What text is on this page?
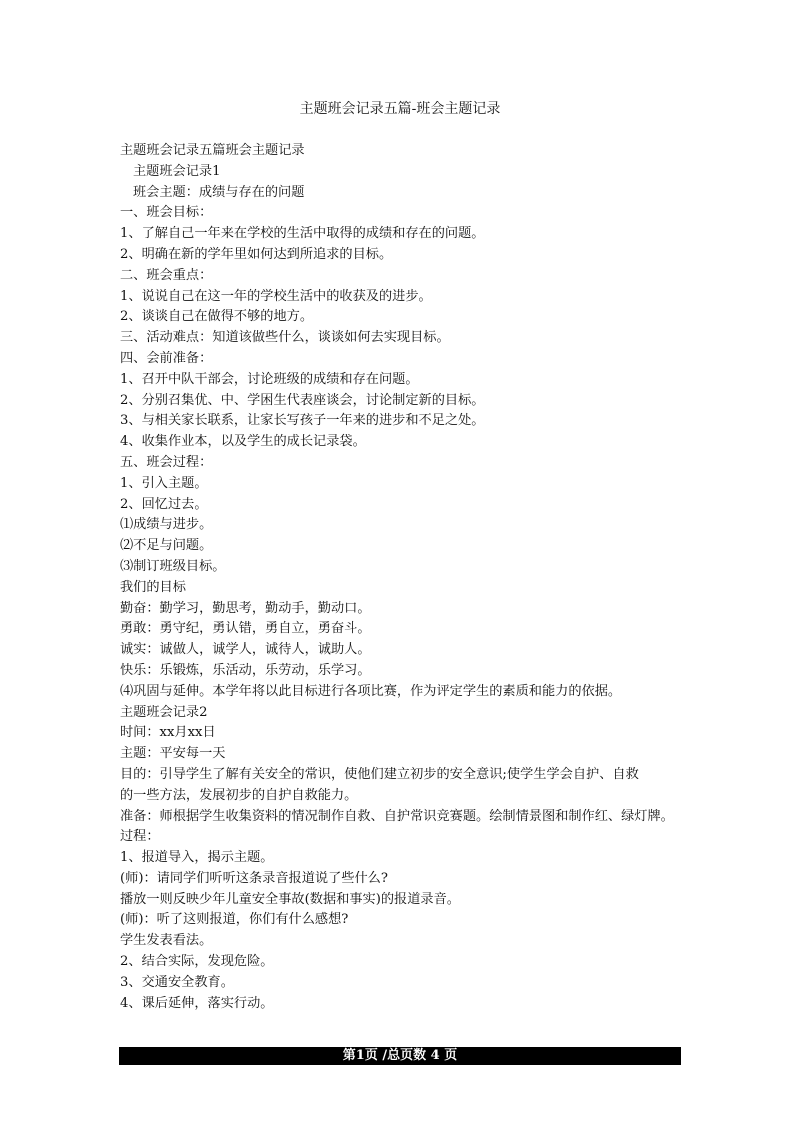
主题班会记录五篇-班会主题记录
主题班会记录五篇班会主题记录
主题班会记录1
班会主题：成绩与存在的问题
一、班会目标：
1、了解自己一年来在学校的生活中取得的成绩和存在的问题。
2、明确在新的学年里如何达到所追求的目标。
二、班会重点：
1、说说自己在这一年的学校生活中的收获及的进步。
2、谈谈自己在做得不够的地方。
三、活动难点：知道该做些什么，谈谈如何去实现目标。
四、会前准备：
1、召开中队干部会，讨论班级的成绩和存在问题。
2、分别召集优、中、学困生代表座谈会，讨论制定新的目标。
3、与相关家长联系，让家长写孩子一年来的进步和不足之处。
4、收集作业本，以及学生的成长记录袋。
五、班会过程：
1、引入主题。
2、回忆过去。
⑴成绩与进步。
⑵不足与问题。
⑶制订班级目标。
我们的目标
勤奋：勤学习，勤思考，勤动手，勤动口。
勇敢：勇守纪，勇认错，勇自立，勇奋斗。
诚实：诚做人，诚学人，诚待人，诚助人。
快乐：乐锻炼，乐活动，乐劳动，乐学习。
⑷巩固与延伸。本学年将以此目标进行各项比赛，作为评定学生的素质和能力的依据。
主题班会记录2
时间：xx月xx日
主题：平安每一天
目的：引导学生了解有关安全的常识，使他们建立初步的安全意识;使学生学会自护、自救
的一些方法，发展初步的自护自救能力。
准备：师根据学生收集资料的情况制作自救、自护常识竞赛题。绘制情景图和制作红、绿灯牌。
过程：
1、报道导入，揭示主题。
(师)：请同学们听听这条录音报道说了些什么?
播放一则反映少年儿童安全事故(数据和事实)的报道录音。
(师)：听了这则报道，你们有什么感想?
学生发表看法。
2、结合实际，发现危险。
3、交通安全教育。
4、课后延伸，落实行动。
第1页 /总页数 4 页
